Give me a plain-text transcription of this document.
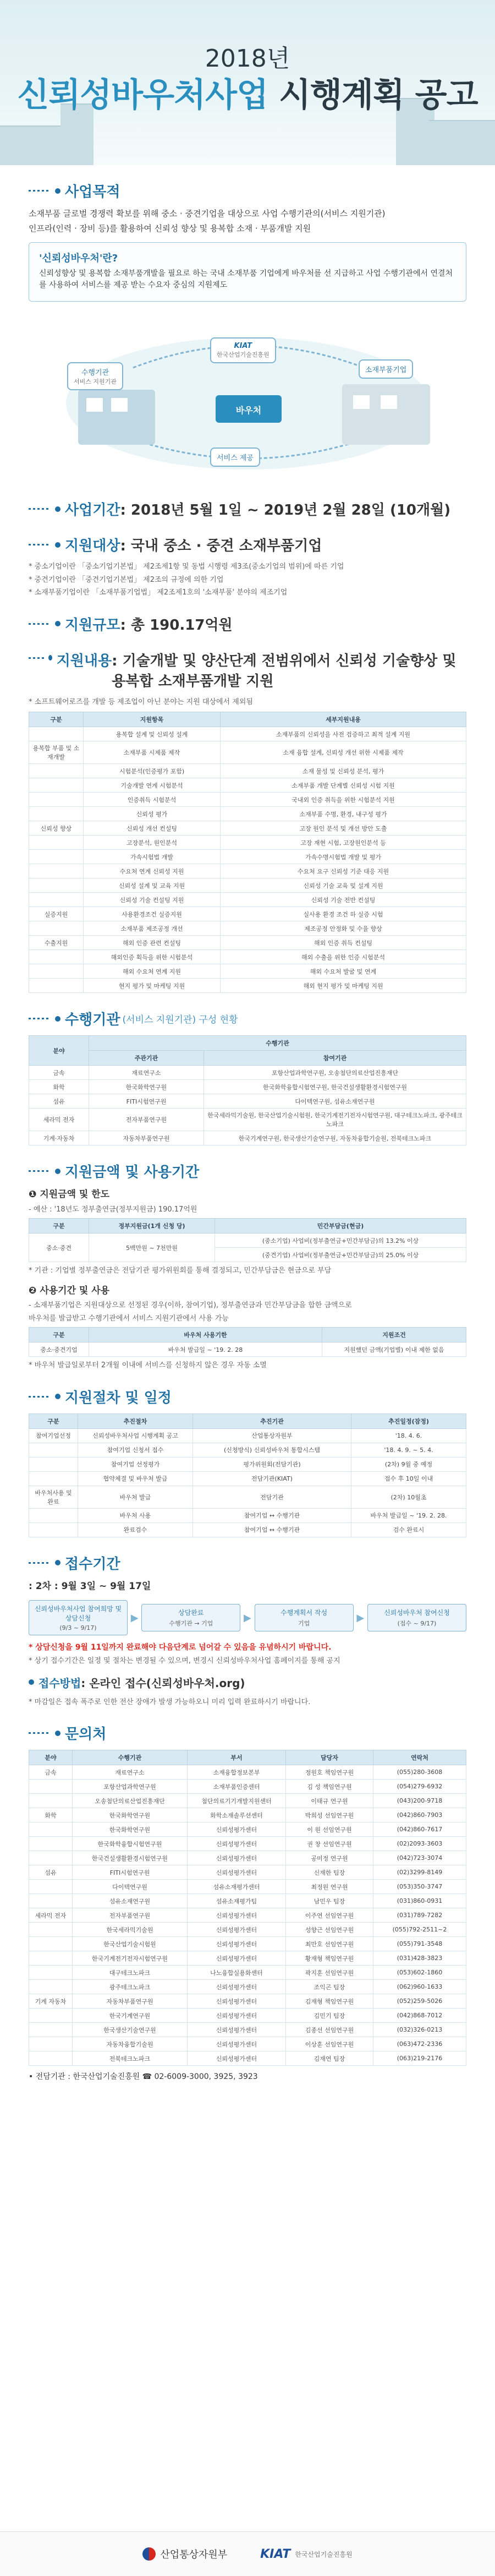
2018년
신뢰성바우처사업 시행계획 공고
사업목적

소재부품 글로벌 경쟁력 확보를 위해 중소 · 중견기업을 대상으로 사업 수행기관의(서비스 지원기관)

인프라(인력 · 장비 등)를 활용하여 신뢰성 향상 및 용복합 소재 · 부품개발 지원

'신뢰성바우처'란?

신뢰성향상 및 용복합 소재부품개발을 필요로 하는 국내 소재부품 기업에게 바우처를 선 지급하고 사업 수행기관에서 연결처를 사용하여 서비스를 제공 받는 수요자 중심의 지원제도

수행기관
서비스 지원기관
KIAT
한국산업기술진흥원
바우처
소재부품기업
서비스 제공
사업기간 : 2018년 5월 1일 ~ 2019년 2월 28일 (10개월)
지원대상 : 국내 중소 · 중견 소재부품기업

* 중소기업이란 「중소기업기본법」 제2조제1항 및 동법 시행령 제3조(중소기업의 범위)에 따른 기업

* 중견기업이란 「중견기업기본법」 제2조의 규정에 의한 기업

* 소재부품기업이란 「소재부품기업법」 제2조제1호의 '소재부품' 분야의 제조기업

지원규모 : 총 190.17억원
지원내용 : 기술개발 및 양산단계 전범위에서 신뢰성 기술향상 및 용복합 소재부품개발 지원

* 소프트웨어로즈를 개발 등 제조업이 아닌 분야는 지원 대상에서 제외됨

구분	지원항목	세부지원내용
	용복합 설계 및 신뢰성 설계	소재부품의 신뢰성을 사전 검증하고 최적 설계 지원
용복합 부품 및 소재개발	소재부품 시제품 제작	소재 융합 설계, 신뢰성 개선 위한 시제품 제작
	시험분석(인증평가 포함)	소재 물성 및 신뢰성 분석, 평가
	기술개발 연계 시험분석	소재부품 개발 단계별 신뢰성 시험 지원
	인증취득 시험분석	국내외 인증 취득을 위한 시험분석 지원
	신뢰성 평가	소재부품 수명, 환경, 내구성 평가
신뢰성 향상	신뢰성 개선 컨설팅	고장 원인 분석 및 개선 방안 도출
	고장분석, 원인분석	고장 재현 시험, 고장원인분석 등
	가속시험법 개발	가속수명시험법 개발 및 평가
	수요처 연계 신뢰성 지원	수요처 요구 신뢰성 기준 대응 지원
	신뢰성 설계 및 교육 지원	신뢰성 기술 교육 및 설계 지원
	신뢰성 기술 컨설팅 지원	신뢰성 기술 전반 컨설팅
실증지원	사용환경조건 실증지원	실사용 환경 조건 하 실증 시험
	소재부품 제조공정 개선	제조공정 안정화 및 수율 향상
수출지원	해외 인증 관련 컨설팅	해외 인증 취득 컨설팅
	해외인증 획득을 위한 시험분석	해외 수출을 위한 인증 시험분석
	해외 수요처 연계 지원	해외 수요처 발굴 및 연계
	현지 평가 및 마케팅 지원	해외 현지 평가 및 마케팅 지원
수행기관 (서비스 지원기관) 구성 현황
분야	수행기관	
	주관기관	참여기관
금속	재료연구소	포항산업과학연구원, 오송첨단의료산업진흥재단
화학	한국화학연구원	한국화학융합시험연구원, 한국건설생활환경시험연구원
섬유	FITI시험연구원	다이텍연구원, 섬유소재연구원
세라믹 전자	전자부품연구원	한국세라믹기술원, 한국산업기술시험원, 한국기계전기전자시험연구원, 대구테크노파크, 광주테크노파크
기계·자동차	자동차부품연구원	한국기계연구원, 한국생산기술연구원, 자동차융합기술원, 전북테크노파크
지원금액 및 사용기간

❶ 지원금액 및 한도

- 예산 : '18년도 정부출연금(정부지원금) 190.17억원

구분	정부지원금(1개 신청 당)	민간부담금(현금)
중소·중견	5백만원 ~ 7천만원	(중소기업) 사업비(정부출연금+민간부담금)의 13.2% 이상
		(중견기업) 사업비(정부출연금+민간부담금)의 25.0% 이상

* 기관 : 기업별 정부출연금은 전담기관 평가위원회를 통해 결정되고, 민간부담금은 현금으로 부담

❷ 사용기간 및 사용

- 소재부품기업은 지원대상으로 선정된 경우(이하, 참여기업), 정부출연금과 민간부담금을 합한 금액으로

바우처를 발급받고 수행기관에서 서비스 지원기관에서 사용 가능

구분	바우처 사용기한	지원조건
중소·중견기업	바우처 발급일 ~ '19. 2. 28	지원했던 금액(기업별) 이내 제한 없음

* 바우처 발급일로부터 2개월 이내에 서비스를 신청하지 않은 경우 자동 소멸

지원절차 및 일정
구분	추진절차	추진기관	추진일정(잠정)
참여기업선정	신뢰성바우처사업 시행계획 공고	산업통상자원부	'18. 4. 6.
	참여기업 신청서 접수	(신청방식) 신뢰성바우처 통합시스템	'18. 4. 9. ~ 5. 4.
	참여기업 선정평가	평가위원회(전담기관)	(2차) 9월 중 예정
	협약체결 및 바우처 발급	전담기관(KIAT)	접수 후 10일 이내
바우처사용 및 완료	바우처 발급	전담기관	(2차) 10월초
	바우처 사용	참여기업 ↔ 수행기관	바우처 발급일 ~ '19. 2. 28.
	완료검수	참여기업 ↔ 수행기관	검수 완료시
접수기간

: 2차 : 9월 3일 ~ 9월 17일

신뢰성바우처사업 참여희망 및 상담신청
(9/3 ~ 9/17)
▶	상담완료
수행기관 → 기업	▶	수행계획서 작성
기업	▶	신뢰성바우처 참여신청
(접수 ~ 9/17)

* 상담신청을 9월 11일까지 완료해야 다음단계로 넘어갈 수 있음을 유념하시기 바랍니다.

* 상기 접수기간은 일정 및 절차는 변경될 수 있으며, 변경시 신뢰성바우처사업 홈페이지를 통해 공지

접수방법 : 온라인 접수(신뢰성바우처.org)

* 마감일은 접속 폭주로 인한 전산 장애가 발생 가능하오니 미리 입력 완료하시기 바랍니다.

문의처
분야	수행기관	부서	담당자	연락처
금속	재료연구소	소재융합정보본부	정원호 책임연구원	(055)280-3608
	포항산업과학연구원	소재부품인증센터	김 성 책임연구원	(054)279-6932
	오송첨단의료산업진흥재단	첨단의료기기개발지원센터	이태규 연구원	(043)200-9718
화학	한국화학연구원	화학소재솔루션센터	박희성 선임연구원	(042)860-7903
	한국화학연구원	신뢰성평가센터	이 원 선임연구원	(042)860-7617
	한국화학융합시험연구원	신뢰성평가센터	권 창 선임연구원	(02)2093-3603
	한국건설생활환경시험연구원	신뢰성평가센터	공미정 연구원	(042)723-3074
섬유	FITI시험연구원	신뢰성평가센터	신재한 팀장	(02)3299-8149
	다이텍연구원	섬유소재평가센터	최정원 연구원	(053)350-3747
	섬유소재연구원	섬유소재평가팀	남민우 팀장	(031)860-0931
세라믹 전자	전자부품연구원	신뢰성평가센터	이주연 선임연구원	(031)789-7282
	한국세라믹기술원	신뢰성평가센터	성향근 선임연구원	(055)792-2511~2
	한국산업기술시험원	신뢰성평가센터	최만호 선임연구원	(055)791-3548
	한국기계전기전자시험연구원	신뢰성평가센터	황재형 책임연구원	(031)428-3823
	대구테크노파크	나노융합실용화센터	곽지훈 선임연구원	(053)602-1860
	광주테크노파크	신뢰성평가센터	조익곤 팀장	(062)960-1633
기계 자동차	자동차부품연구원	신뢰성평가센터	김재형 책임연구원	(052)259-5026
	한국기계연구원	신뢰성평가센터	김민기 팀장	(042)868-7012
	한국생산기술연구원	신뢰성평가센터	김종선 선임연구원	(032)326-0213
	자동차융합기술원	신뢰성평가센터	이상훈 선임연구원	(063)472-2336
	전북테크노파크	신뢰성평가센터	김재연 팀장	(063)219-2176

• 전담기관 : 한국산업기술진흥원 ☎ 02-6009-3000, 3925, 3923

산업통상자원부	KIAT 한국산업기술진흥원
